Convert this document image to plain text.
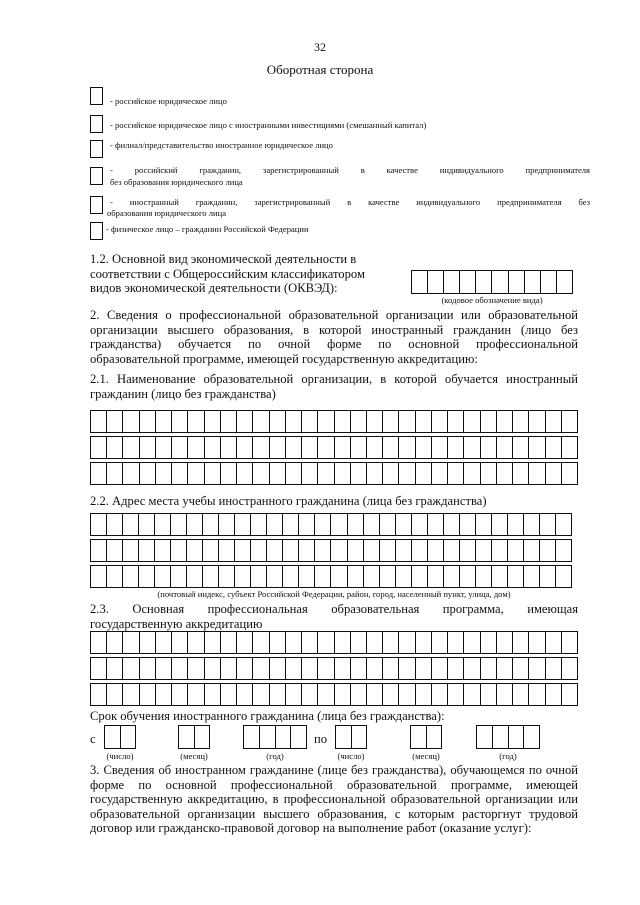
32
Оборотная сторона
- российское юридическое лицо
- российское юридическое лицо с иностранными инвестициями (смешанный капитал)
- филиал/представительство иностранное юридическое лицо
- российский гражданин, зарегистрированный в качестве индивидуального предпринимателя
без образования юридического лица
- иностранный гражданин, зарегистрированный в качестве индивидуального предпринимателя без
образования юридического лица
- физическое лицо – гражданин Российской Федерации
1.2. Основной вид экономической деятельности в
соответствии с Общероссийским классификатором
видов экономической деятельности (ОКВЭД):
(кодовое обозначение вида)
2. Сведения о профессиональной образовательной организации или образовательной
организации высшего образования, в которой иностранный гражданин (лицо без
гражданства) обучается по очной форме по основной профессиональной
образовательной программе, имеющей государственную аккредитацию:
2.1. Наименование образовательной организации, в которой обучается иностранный
гражданин (лицо без гражданства)
2.2. Адрес места учебы иностранного гражданина (лица без гражданства)
(почтовый индекс, субъект Российской Федерации, район, город, населенный пункт, улица, дом)
2.3. Основная профессиональная образовательная программа, имеющая
государственную аккредитацию
Срок обучения иностранного гражданина (лица без гражданства):
с
(число)	(месяц)	(год)
по
(число)	(месяц)	(год)
3. Сведения об иностранном гражданине (лице без гражданства), обучающемся по очной
форме по основной профессиональной образовательной программе, имеющей
государственную аккредитацию, в профессиональной образовательной организации или
образовательной организации высшего образования, с которым расторгнут трудовой
договор или гражданско-правовой договор на выполнение работ (оказание услуг):
